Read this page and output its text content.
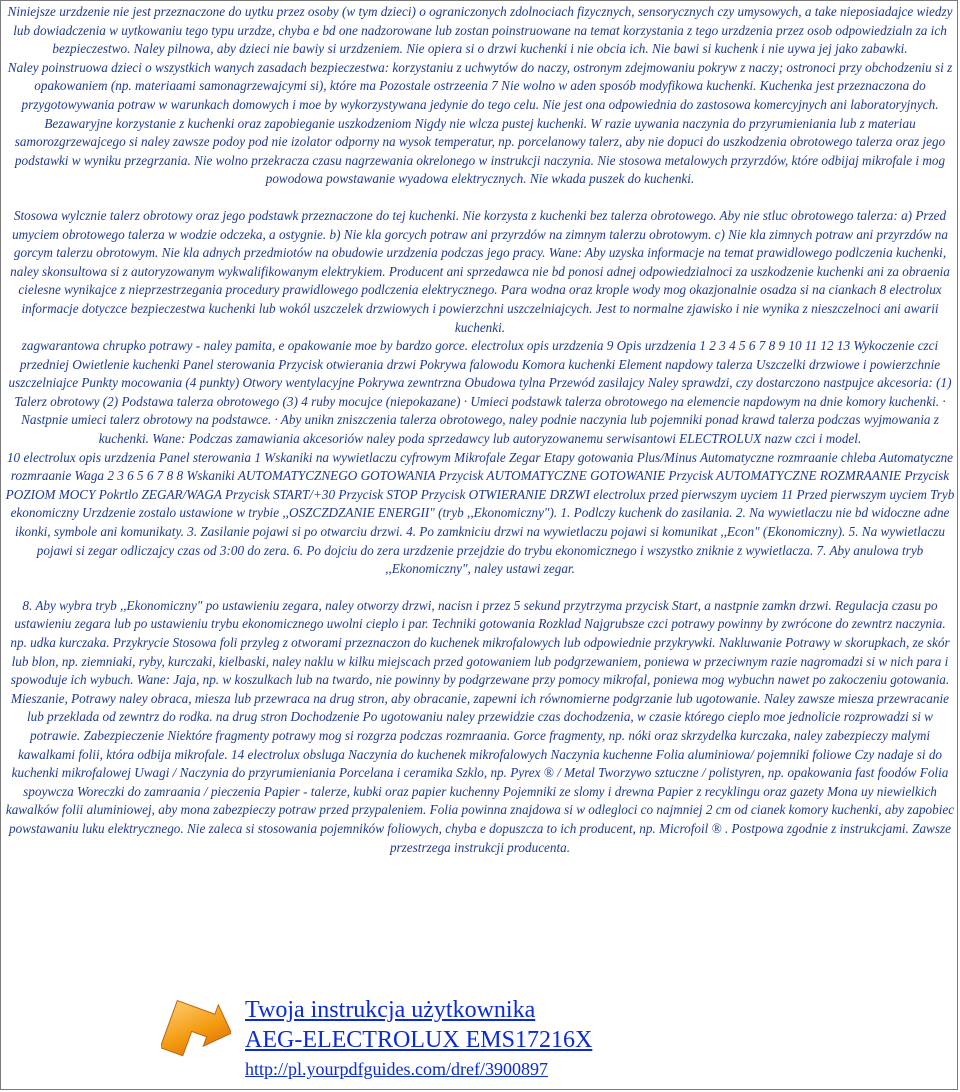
Niniejsze urzdzenie nie jest przeznaczone do uytku przez osoby (w tym dzieci) o ograniczonych zdolnociach fizycznych, sensorycznych czy umysowych, a take nieposiadajce wiedzy lub dowiadczenia w uytkowaniu tego typu urzdze, chyba e bd one nadzorowane lub zostan poinstruowane na temat korzystania z tego urzdzenia przez osob odpowiedzialn za ich bezpieczestwo. Naley pilnowa, aby dzieci nie bawiy si urzdzeniem. Nie opiera si o drzwi kuchenki i nie obcia ich. Nie bawi si kuchenk i nie uywa jej jako zabawki.

Naley poinstruowa dzieci o wszystkich wanych zasadach bezpieczestwa: korzystaniu z uchwytów do naczy, ostronym zdejmowaniu pokryw z naczy; ostronoci przy obchodzeniu si z opakowaniem (np. materiaami samonagrzewajcymi si), które ma Pozostale ostrzeenia 7 Nie wolno w aden sposób modyfikowa kuchenki. Kuchenka jest przeznaczona do przygotowywania potraw w warunkach domowych i moe by wykorzystywana jedynie do tego celu. Nie jest ona odpowiednia do zastosowa komercyjnych ani laboratoryjnych. Bezawaryjne korzystanie z kuchenki oraz zapobieganie uszkodzeniom Nigdy nie wlcza pustej kuchenki. W razie uywania naczynia do przyrumieniania lub z materiau samorozgrzewajcego si naley zawsze podoy pod nie izolator odporny na wysok temperatur, np. porcelanowy talerz, aby nie dopuci do uszkodzenia obrotowego talerza oraz jego podstawki w wyniku przegrzania. Nie wolno przekracza czasu nagrzewania okrelonego w instrukcji naczynia. Nie stosowa metalowych przyrzdów, które odbijaj mikrofale i mog powodowa powstawanie wyadowa elektrycznych. Nie wkada puszek do kuchenki.

Stosowa wylcznie talerz obrotowy oraz jego podstawk przeznaczone do tej kuchenki. Nie korzysta z kuchenki bez talerza obrotowego. Aby nie stluc obrotowego talerza: a) Przed umyciem obrotowego talerza w wodzie odczeka, a ostygnie. b) Nie kla gorcych potraw ani przyrzdów na zimnym talerzu obrotowym. c) Nie kla zimnych potraw ani przyrzdów na gorcym talerzu obrotowym. Nie kla adnych przedmiotów na obudowie urzdzenia podczas jego pracy. Wane: Aby uzyska informacje na temat prawidlowego podlczenia kuchenki, naley skonsultowa si z autoryzowanym wykwalifikowanym elektrykiem. Producent ani sprzedawca nie bd ponosi adnej odpowiedzialnoci za uszkodzenie kuchenki ani za obraenia cielesne wynikajce z nieprzestrzegania procedury prawidlowego podlczenia elektrycznego. Para wodna oraz krople wody mog okazjonalnie osadza si na ciankach 8 electrolux informacje dotyczce bezpieczestwa kuchenki lub wokól uszczelek drzwiowych i powierzchni uszczelniajcych. Jest to normalne zjawisko i nie wynika z nieszczelnoci ani awarii kuchenki.

zagwarantowa chrupko potrawy - naley pamita, e opakowanie moe by bardzo gorce. electrolux opis urzdzenia 9 Opis urzdzenia 1 2 3 4 5 6 7 8 9 10 11 12 13 Wykoczenie czci przedniej Owietlenie kuchenki Panel sterowania Przycisk otwierania drzwi Pokrywa falowodu Komora kuchenki Element napdowy talerza Uszczelki drzwiowe i powierzchnie uszczelniajce Punkty mocowania (4 punkty) Otwory wentylacyjne Pokrywa zewntrzna Obudowa tylna Przewód zasilajcy Naley sprawdzi, czy dostarczono nastpujce akcesoria: (1) Talerz obrotowy (2) Podstawa talerza obrotowego (3) 4 ruby mocujce (niepokazane) · Umieci podstawk talerza obrotowego na elemencie napdowym na dnie komory kuchenki. · Nastpnie umieci talerz obrotowy na podstawce. · Aby unikn zniszczenia talerza obrotowego, naley podnie naczynia lub pojemniki ponad krawd talerza podczas wyjmowania z kuchenki. Wane: Podczas zamawiania akcesoriów naley poda sprzedawcy lub autoryzowanemu serwisantowi ELECTROLUX nazw czci i model.

10 electrolux opis urzdzenia Panel sterowania 1 Wskaniki na wywietlaczu cyfrowym Mikrofale Zegar Etapy gotowania Plus/Minus Automatyczne rozmraanie chleba Automatyczne rozmraanie Waga 2 3 6 5 6 7 8 8 Wskaniki AUTOMATYCZNEGO GOTOWANIA Przycisk AUTOMATYCZNE GOTOWANIE Przycisk AUTOMATYCZNE ROZMRAANIE Przycisk POZIOM MOCY Pokrtlo ZEGAR/WAGA Przycisk START/+30 Przycisk STOP Przycisk OTWIERANIE DRZWI electrolux przed pierwszym uyciem 11 Przed pierwszym uyciem Tryb ekonomiczny Urzdzenie zostalo ustawione w trybie ,,OSZCZDZANIE ENERGII" (tryb ,,Ekonomiczny"). 1. Podlczy kuchenk do zasilania. 2. Na wywietlaczu nie bd widoczne adne ikonki, symbole ani komunikaty. 3. Zasilanie pojawi si po otwarciu drzwi. 4. Po zamkniciu drzwi na wywietlaczu pojawi si komunikat ,,Econ" (Ekonomiczny). 5. Na wywietlaczu pojawi si zegar odliczajcy czas od 3:00 do zera. 6. Po dojciu do zera urzdzenie przejdzie do trybu ekonomicznego i wszystko zniknie z wywietlacza. 7. Aby anulowa tryb ,,Ekonomiczny", naley ustawi zegar.

8. Aby wybra tryb ,,Ekonomiczny" po ustawieniu zegara, naley otworzy drzwi, nacisn i przez 5 sekund przytrzyma przycisk Start, a nastpnie zamkn drzwi. Regulacja czasu po ustawieniu zegara lub po ustawieniu trybu ekonomicznego uwolni cieplo i par. Techniki gotowania Rozklad Najgrubsze czci potrawy powinny by zwrócone do zewntrz naczynia. np. udka kurczaka. Przykrycie Stosowa foli przyleg z otworami przeznaczon do kuchenek mikrofalowych lub odpowiednie przykrywki. Nakluwanie Potrawy w skorupkach, ze skór lub blon, np. ziemniaki, ryby, kurczaki, kielbaski, naley naklu w kilku miejscach przed gotowaniem lub podgrzewaniem, poniewa w przeciwnym razie nagromadzi si w nich para i spowoduje ich wybuch. Wane: Jaja, np. w koszulkach lub na twardo, nie powinny by podgrzewane przy pomocy mikrofal, poniewa mog wybuchn nawet po zakoczeniu gotowania. Mieszanie, Potrawy naley obraca, miesza lub przewraca na drug stron, aby obracanie, zapewni ich równomierne podgrzanie lub ugotowanie. Naley zawsze miesza przewracanie lub przeklada od zewntrz do rodka. na drug stron Dochodzenie Po ugotowaniu naley przewidzie czas dochodzenia, w czasie którego cieplo moe jednolicie rozprowadzi si w potrawie. Zabezpieczenie Niektóre fragmenty potrawy mog si rozgrza podczas rozmraania. Gorce fragmenty, np. nóki oraz skrzydelka kurczaka, naley zabezpieczy malymi kawalkami folii, która odbija mikrofale. 14 electrolux obsluga Naczynia do kuchenek mikrofalowych Naczynia kuchenne Folia aluminiowa/ pojemniki foliowe Czy nadaje si do kuchenki mikrofalowej Uwagi / Naczynia do przyrumieniania Porcelana i ceramika Szklo, np. Pyrex ® / Metal Tworzywo sztuczne / polistyren, np. opakowania fast foodów Folia spoywcza Woreczki do zamraania / pieczenia Papier - talerze, kubki oraz papier kuchenny Pojemniki ze slomy i drewna Papier z recyklingu oraz gazety Mona uy niewielkich kawalków folii aluminiowej, aby mona zabezpieczy potraw przed przypaleniem. Folia powinna znajdowa si w odlegloci co najmniej 2 cm od cianek komory kuchenki, aby zapobiec powstawaniu luku elektrycznego. Nie zaleca si stosowania pojemników foliowych, chyba e dopuszcza to ich producent, np. Microfoil ® . Postpowa zgodnie z instrukcjami. Zawsze przestrzega instrukcji producenta.

Twoja instrukcja użytkownika
AEG-ELECTROLUX EMS17216X
http://pl.yourpdfguides.com/dref/3900897
